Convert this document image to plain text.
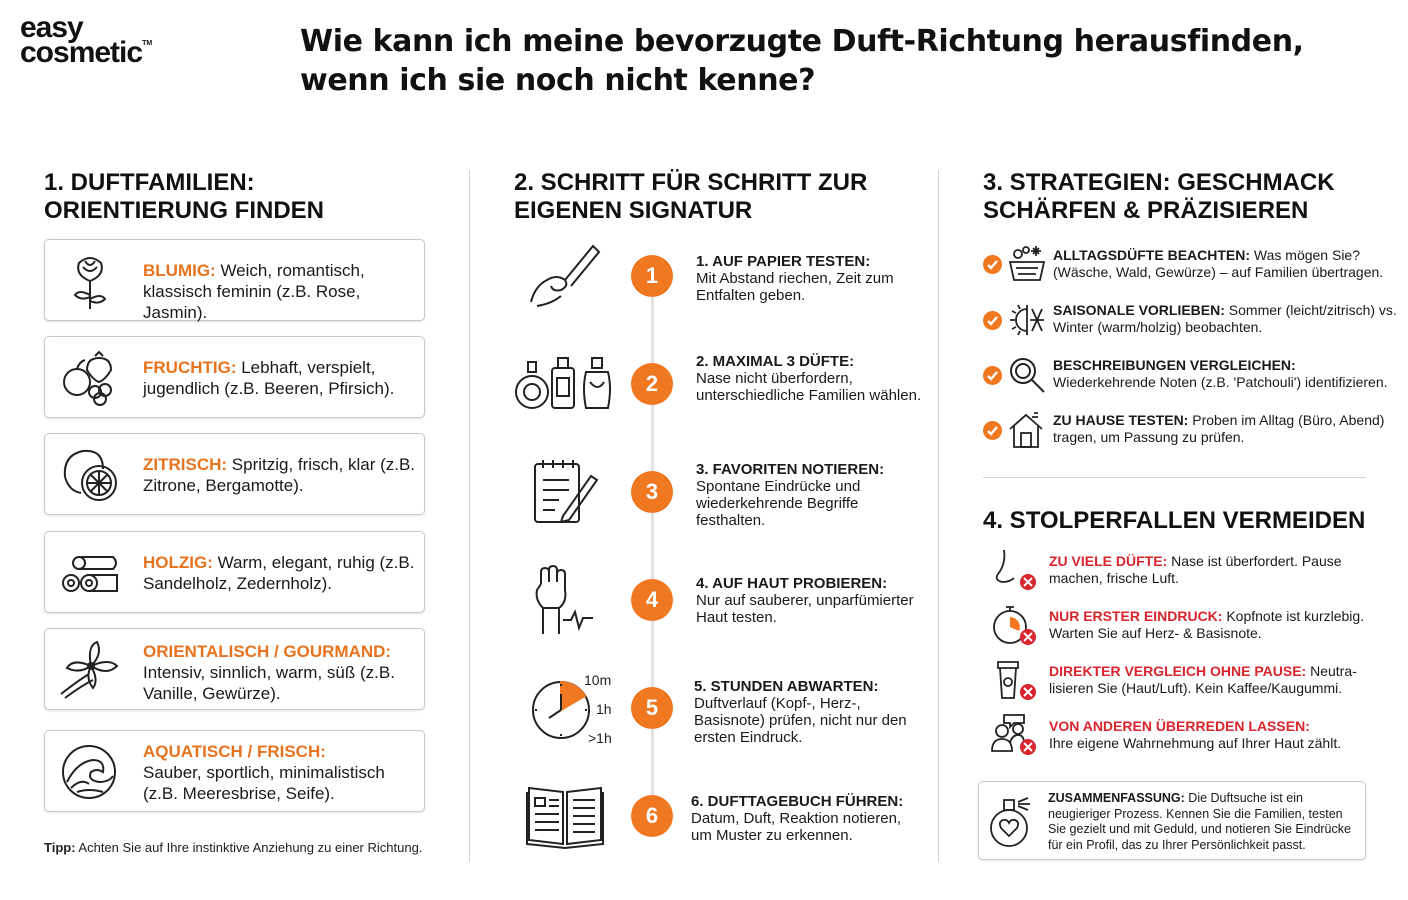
easy
cosmetic™	Wie kann ich meine bevorzugte Duft-Richtung herausfinden,
wenn ich sie noch nicht kenne?
1. DUFTFAMILIEN:
ORIENTIERUNG FINDEN
BLUMIG: Weich, romantisch, klassisch feminin (z.B. Rose, Jasmin).
FRUCHTIG: Lebhaft, verspielt, jugendlich (z.B. Beeren, Pfirsich).
ZITRISCH: Spritzig, frisch, klar (z.B. Zitrone, Bergamotte).
HOLZIG: Warm, elegant, ruhig (z.B. Sandelholz, Zedernholz).
ORIENTALISCH / GOURMAND:
Intensiv, sinnlich, warm, süß (z.B. Vanille, Gewürze).
AQUATISCH / FRISCH:
Sauber, sportlich, minimalistisch (z.B. Meeresbrise, Seife).
Tipp: Achten Sie auf Ihre instinktive Anziehung zu einer Richtung.
2. SCHRITT FÜR SCHRITT ZUR
EIGENEN SIGNATUR
1
1. AUF PAPIER TESTEN:
Mit Abstand riechen, Zeit zum Entfalten geben.
2
2. MAXIMAL 3 DÜFTE:
Nase nicht überfordern, unterschiedliche Familien wählen.
3
3. FAVORITEN NOTIEREN:
Spontane Eindrücke und wiederkehrende Begriffe festhalten.
4
4. AUF HAUT PROBIEREN:
Nur auf sauberer, unparfümierter Haut testen.
10m
1h
>1h
5
5. STUNDEN ABWARTEN:
Duftverlauf (Kopf-, Herz-, Basisnote) prüfen, nicht nur den ersten Eindruck.
6
6. DUFTTAGEBUCH FÜHREN:
Datum, Duft, Reaktion notieren, um Muster zu erkennen.
3. STRATEGIEN: GESCHMACK
SCHÄRFEN & PRÄZISIEREN
ALLTAGSDÜFTE BEACHTEN: Was mögen Sie? (Wäsche, Wald, Gewürze) – auf Familien übertragen.
SAISONALE VORLIEBEN: Sommer (leicht/zitrisch) vs. Winter (warm/holzig) beobachten.
BESCHREIBUNGEN VERGLEICHEN: Wiederkehrende Noten (z.B. 'Patchouli') identifizieren.
ZU HAUSE TESTEN: Proben im Alltag (Büro, Abend) tragen, um Passung zu prüfen.
4. STOLPERFALLEN VERMEIDEN
ZU VIELE DÜFTE: Nase ist überfordert. Pause machen, frische Luft.
NUR ERSTER EINDRUCK: Kopfnote ist kurzlebig. Warten Sie auf Herz- & Basisnote.
DIREKTER VERGLEICH OHNE PAUSE: Neutra-lisieren Sie (Haut/Luft). Kein Kaffee/Kaugummi.
VON ANDEREN ÜBERREDEN LASSEN:
Ihre eigene Wahrnehmung auf Ihrer Haut zählt.
ZUSAMMENFASSUNG: Die Duftsuche ist ein neugieriger Prozess. Kennen Sie die Familien, testen Sie gezielt und mit Geduld, und notieren Sie Eindrücke für ein Profil, das zu Ihrer Persönlichkeit passt.
